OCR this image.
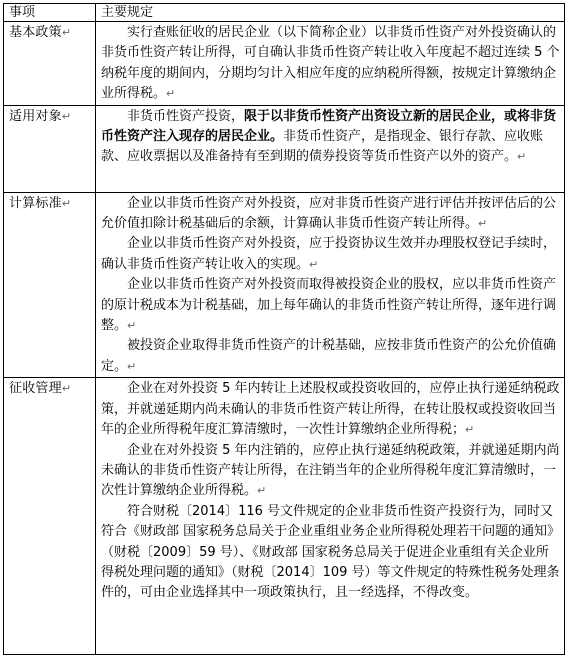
事项	主要规定
基本政策↵	实行查账征收的居民企业（以下简称企业）以非货币性资产对外投资确认的非货币性资产转让所得，可自确认非货币性资产转让收入年度起不超过连续 5 个纳税年度的期间内，分期均匀计入相应年度的应纳税所得额，按规定计算缴纳企业所得税。↵

适用对象↵	非货币性资产投资，限于以非货币性资产出资设立新的居民企业，或将非货币性资产注入现存的居民企业。非货币性资产，是指现金、银行存款、应收账款、应收票据以及准备持有至到期的债券投资等货币性资产以外的资产。↵

计算标准↵	企业以非货币性资产对外投资，应对非货币性资产进行评估并按评估后的公允价值扣除计税基础后的余额，计算确认非货币性资产转让所得。↵

企业以非货币性资产对外投资，应于投资协议生效并办理股权登记手续时，确认非货币性资产转让收入的实现。↵

企业以非货币性资产对外投资而取得被投资企业的股权，应以非货币性资产的原计税成本为计税基础，加上每年确认的非货币性资产转让所得，逐年进行调整。↵

被投资企业取得非货币性资产的计税基础，应按非货币性资产的公允价值确定。↵

征收管理↵	企业在对外投资 5 年内转让上述股权或投资收回的，应停止执行递延纳税政策，并就递延期内尚未确认的非货币性资产转让所得，在转让股权或投资收回当年的企业所得税年度汇算清缴时，一次性计算缴纳企业所得税；↵

企业在对外投资 5 年内注销的，应停止执行递延纳税政策，并就递延期内尚未确认的非货币性资产转让所得，在注销当年的企业所得税年度汇算清缴时，一次性计算缴纳企业所得税。↵

符合财税〔2014〕116 号文件规定的企业非货币性资产投资行为，同时又符合《财政部 国家税务总局关于企业重组业务企业所得税处理若干问题的通知》（财税〔2009〕59 号）、《财政部 国家税务总局关于促进企业重组有关企业所得税处理问题的通知》（财税〔2014〕109 号）等文件规定的特殊性税务处理条件的，可由企业选择其中一项政策执行，且一经选择，不得改变。
